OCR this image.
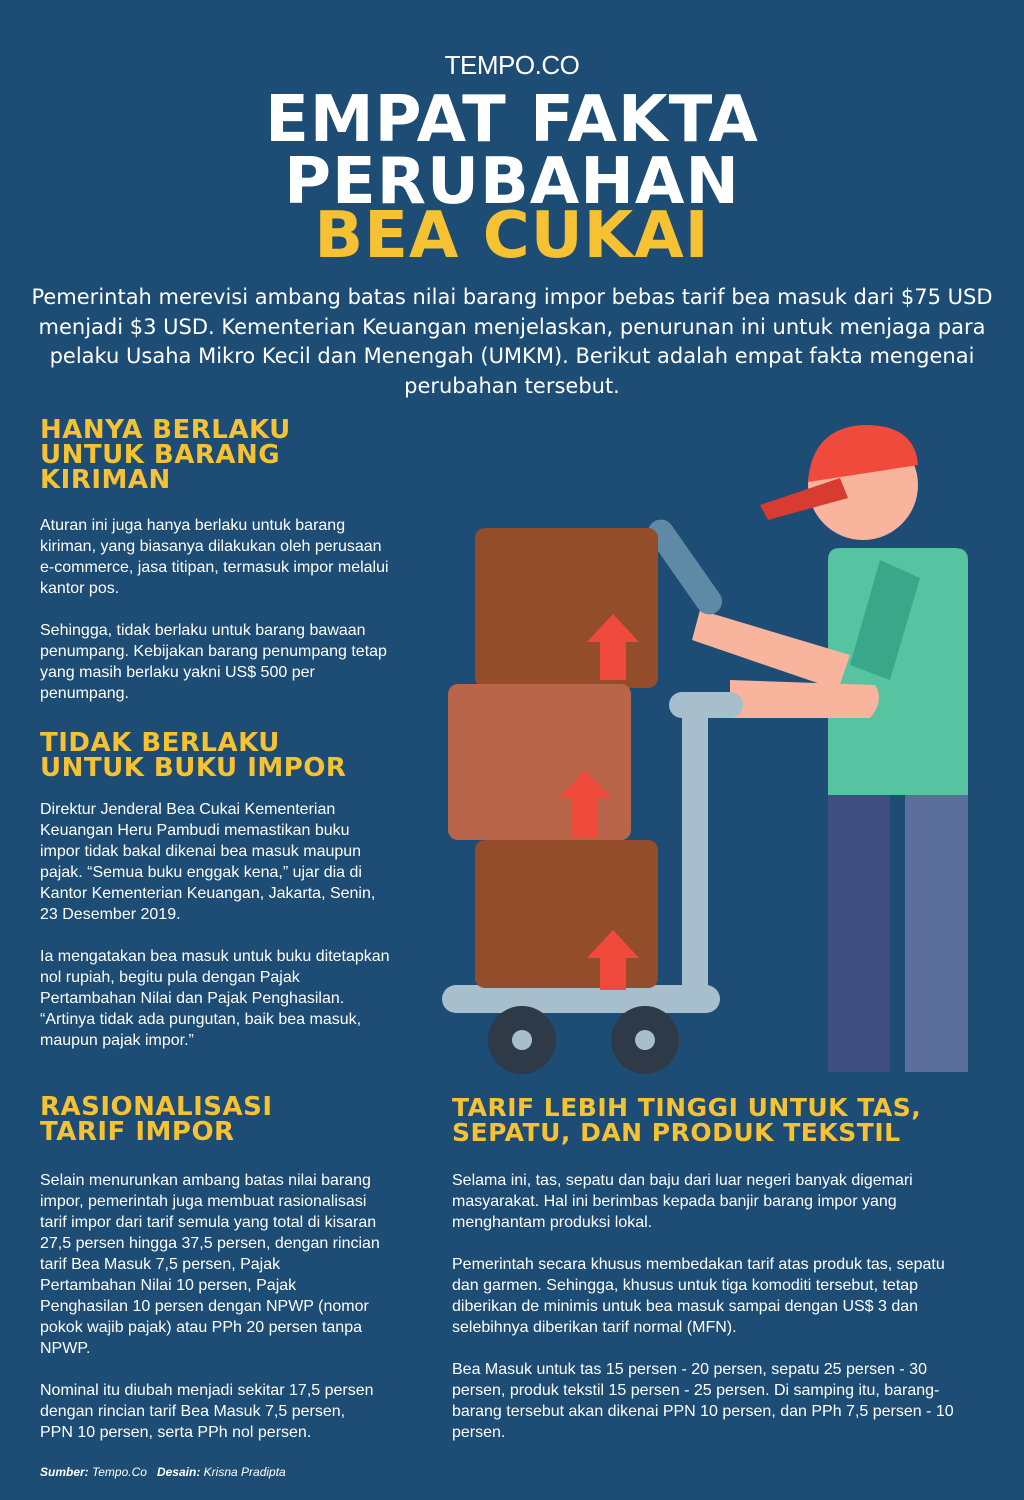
TEMPO.CO
EMPAT FAKTA
PERUBAHAN
BEA CUKAI
Pemerintah merevisi ambang batas nilai barang impor bebas tarif bea masuk dari $75 USD menjadi $3 USD. Kementerian Keuangan menjelaskan, penurunan ini untuk menjaga para pelaku Usaha Mikro Kecil dan Menengah (UMKM). Berikut adalah empat fakta mengenai perubahan tersebut.
HANYA BERLAKU
UNTUK BARANG
KIRIMAN

Aturan ini juga hanya berlaku untuk barang kiriman, yang biasanya dilakukan oleh perusaan e-commerce, jasa titipan, termasuk impor melalui kantor pos.

Sehingga, tidak berlaku untuk barang bawaan penumpang. Kebijakan barang penumpang tetap yang masih berlaku yakni US$ 500 per penumpang.

TIDAK BERLAKU
UNTUK BUKU IMPOR

Direktur Jenderal Bea Cukai Kementerian Keuangan Heru Pambudi memastikan buku impor tidak bakal dikenai bea masuk maupun pajak. “Semua buku enggak kena,” ujar dia di Kantor Kementerian Keuangan, Jakarta, Senin, 23 Desember 2019.

Ia mengatakan bea masuk untuk buku ditetapkan nol rupiah, begitu pula dengan Pajak Pertambahan Nilai dan Pajak Penghasilan. “Artinya tidak ada pungutan, baik bea masuk, maupun pajak impor.”

RASIONALISASI
TARIF IMPOR

Selain menurunkan ambang batas nilai barang impor, pemerintah juga membuat rasionalisasi tarif impor dari tarif semula yang total di kisaran 27,5 persen hingga 37,5 persen, dengan rincian tarif Bea Masuk 7,5 persen, Pajak Pertambahan Nilai 10 persen, Pajak Penghasilan 10 persen dengan NPWP (nomor pokok wajib pajak) atau PPh 20 persen tanpa NPWP.

Nominal itu diubah menjadi sekitar 17,5 persen dengan rincian tarif Bea Masuk 7,5 persen, PPN 10 persen, serta PPh nol persen.

TARIF LEBIH TINGGI UNTUK TAS,
SEPATU, DAN PRODUK TEKSTIL

Selama ini, tas, sepatu dan baju dari luar negeri banyak digemari masyarakat. Hal ini berimbas kepada banjir barang impor yang menghantam produksi lokal.

Pemerintah secara khusus membedakan tarif atas produk tas, sepatu dan garmen. Sehingga, khusus untuk tiga komoditi tersebut, tetap diberikan de minimis untuk bea masuk sampai dengan US$ 3 dan selebihnya diberikan tarif normal (MFN).

Bea Masuk untuk tas 15 persen - 20 persen, sepatu 25 persen - 30 persen, produk tekstil 15 persen - 25 persen. Di samping itu, barang-barang tersebut akan dikenai PPN 10 persen, dan PPh 7,5 persen - 10 persen.

Sumber: Tempo.Co Desain: Krisna Pradipta
